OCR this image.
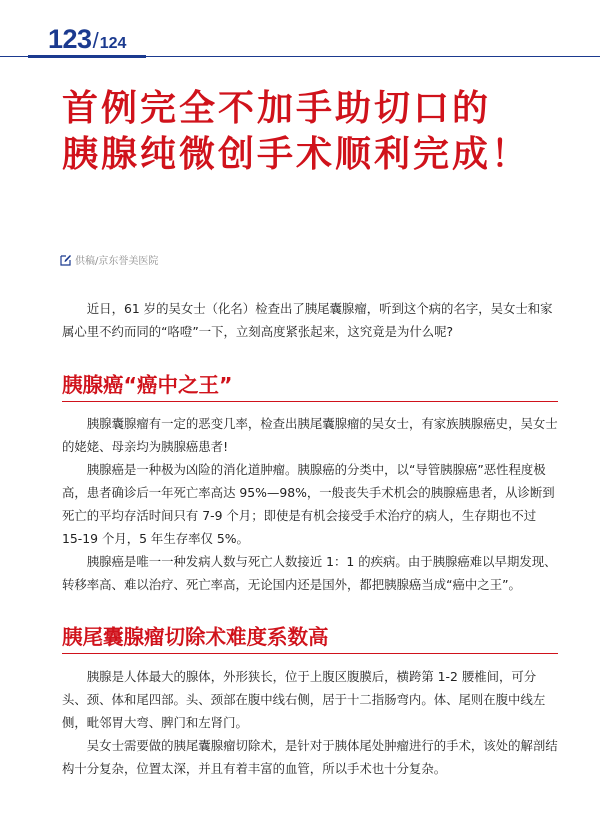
123/124
首例完全不加手助切口的
胰腺纯微创手术顺利完成！
供稿/京东誉美医院

近日，61 岁的吴女士（化名）检查出了胰尾囊腺瘤，听到这个病的名字，吴女士和家属心里不约而同的“咯噔”一下，立刻高度紧张起来，这究竟是为什么呢?

胰腺癌“癌中之王”

胰腺囊腺瘤有一定的恶变几率，检查出胰尾囊腺瘤的吴女士，有家族胰腺癌史，吴女士的姥姥、母亲均为胰腺癌患者!

胰腺癌是一种极为凶险的消化道肿瘤。胰腺癌的分类中，以“导管胰腺癌”恶性程度极高，患者确诊后一年死亡率高达 95%—98%，一般丧失手术机会的胰腺癌患者，从诊断到死亡的平均存活时间只有 7-9 个月；即使是有机会接受手术治疗的病人，生存期也不过 15-19 个月，5 年生存率仅 5%。

胰腺癌是唯一一种发病人数与死亡人数接近 1：1 的疾病。由于胰腺癌难以早期发现、转移率高、难以治疗、死亡率高，无论国内还是国外，都把胰腺癌当成“癌中之王”。

胰尾囊腺瘤切除术难度系数高

胰腺是人体最大的腺体，外形狭长，位于上腹区腹膜后，横跨第 1-2 腰椎间，可分头、颈、体和尾四部。头、颈部在腹中线右侧，居于十二指肠弯内。体、尾则在腹中线左侧，毗邻胃大弯、脾门和左肾门。

吴女士需要做的胰尾囊腺瘤切除术，是针对于胰体尾处肿瘤进行的手术，该处的解剖结构十分复杂，位置太深，并且有着丰富的血管，所以手术也十分复杂。
